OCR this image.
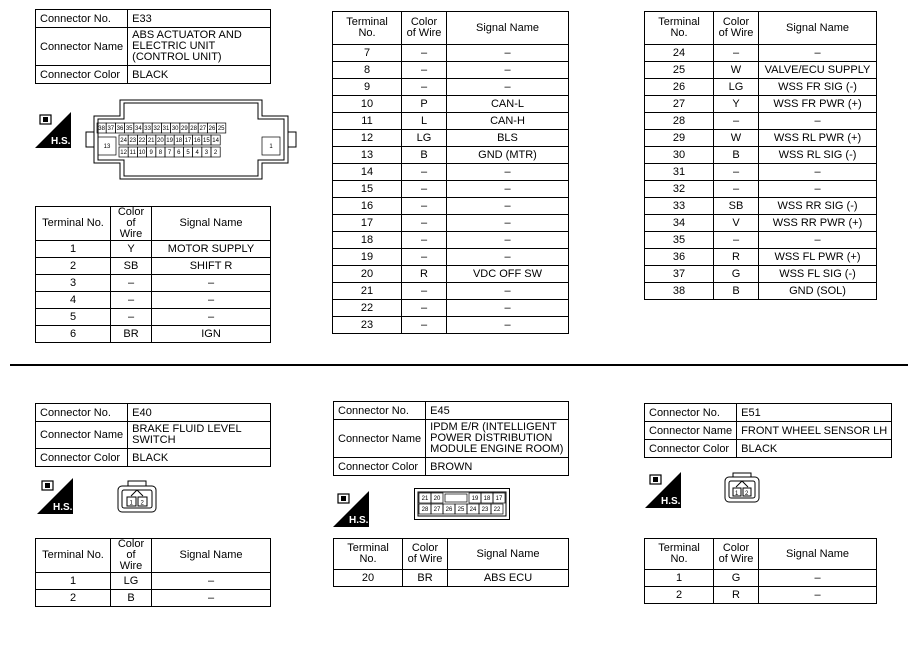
Connector No.	E33
Connector Name	ABS ACTUATOR AND ELECTRIC UNIT (CONTROL UNIT)
Connector Color	BLACK
H.S.
38 37 36 35 34 33 32 31 30 29 28 27 26 25
24 23 22 21 20 19 18 17 16 15 14
12 11 10 9 8 7 6 5 4 3 2
13	1
Terminal No.	Color of Wire	Signal Name
1	Y	MOTOR SUPPLY
2	SB	SHIFT R
3	–	–
4	–	–
5	–	–
6	BR	IGN
Terminal No.	Color of Wire	Signal Name
7	–	–
8	–	–
9	–	–
10	P	CAN-L
11	L	CAN-H
12	LG	BLS
13	B	GND (MTR)
14	–	–
15	–	–
16	–	–
17	–	–
18	–	–
19	–	–
20	R	VDC OFF SW
21	–	–
22	–	–
23	–	–
Terminal No.	Color of Wire	Signal Name
24	–	–
25	W	VALVE/ECU SUPPLY
26	LG	WSS FR SIG (-)
27	Y	WSS FR PWR (+)
28	–	–
29	W	WSS RL PWR (+)
30	B	WSS RL SIG (-)
31	–	–
32	–	–
33	SB	WSS RR SIG (-)
34	V	WSS RR PWR (+)
35	–	–
36	R	WSS FL PWR (+)
37	G	WSS FL SIG (-)
38	B	GND (SOL)
Connector No.	E40
Connector Name	BRAKE FLUID LEVEL SWITCH
Connector Color	BLACK
H.S.	1 2
Terminal No.	Color of Wire	Signal Name
1	LG	–
2	B	–
Connector No.	E45
Connector Name	IPDM E/R (INTELLIGENT POWER DISTRIBUTION MODULE ENGINE ROOM)
Connector Color	BROWN
H.S.
21 20	19 18 17
28 27 26 25 24 23 22
Terminal No.	Color of Wire	Signal Name
20	BR	ABS ECU
Connector No.	E51
Connector Name	FRONT WHEEL SENSOR LH
Connector Color	BLACK
H.S.
1 2
Terminal No.	Color of Wire	Signal Name
1	G	–
2	R	–
